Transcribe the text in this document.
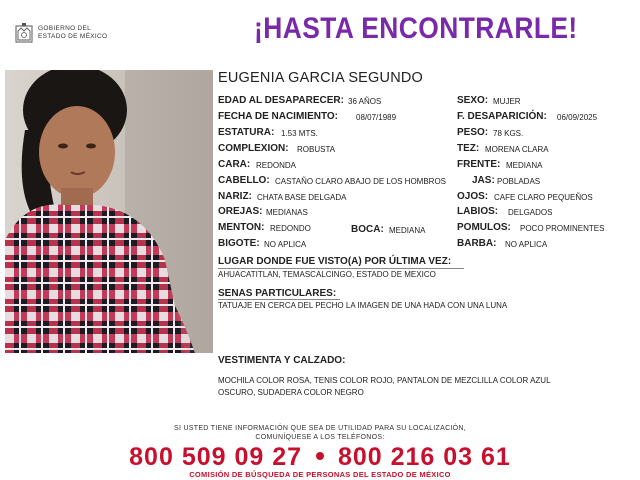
GOBIERNO DEL
ESTADO DE MÉXICO	¡HASTA ENCONTRARLE!
EUGENIA GARCIA SEGUNDO
EDAD AL DESAPARECER: 36 AÑOS
FECHA DE NACIMIENTO: 08/07/1989
ESTATURA: 1.53 MTS.
COMPLEXION: ROBUSTA
CARA: REDONDA
CABELLO: CASTAÑO CLARO ABAJO DE LOS HOMBROS
NARIZ: CHATA BASE DELGADA
OREJAS: MEDIANAS
MENTON: REDONDO	BOCA: MEDIANA
BIGOTE: NO APLICA
SEXO: MUJER
F. DESAPARICIÓN: 06/09/2025
PESO: 78 KGS.
TEZ: MORENA CLARA
FRENTE: MEDIANA
JAS: POBLADAS
OJOS: CAFE CLARO PEQUEÑOS
LABIOS: DELGADOS
POMULOS: POCO PROMINENTES
BARBA: NO APLICA
LUGAR DONDE FUE VISTO(A) POR ÚLTIMA VEZ:
AHUACATITLAN, TEMASCALCINGO, ESTADO DE MEXICO
SENAS PARTICULARES:
TATUAJE EN CERCA DEL PECHO LA IMAGEN DE UNA HADA CON UNA LUNA
VESTIMENTA Y CALZADO:
MOCHILA COLOR ROSA, TENIS COLOR ROJO, PANTALON DE MEZCLILLA COLOR AZUL
OSCURO, SUDADERA COLOR NEGRO
SI USTED TIENE INFORMACIÓN QUE SEA DE UTILIDAD PARA SU LOCALIZACIÓN,
COMUNÍQUESE A LOS TELÉFONOS:
800 509 09 27 800 216 03 61
COMISIÓN DE BÚSQUEDA DE PERSONAS DEL ESTADO DE MÉXICO
